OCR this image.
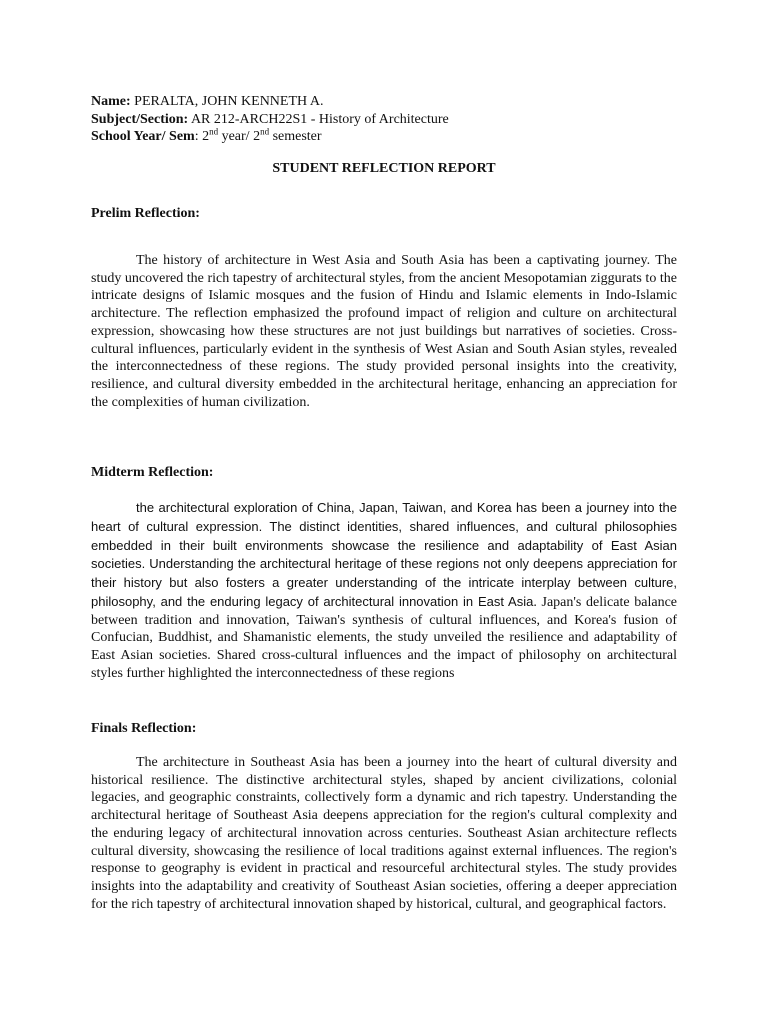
Name: PERALTA, JOHN KENNETH A.
Subject/Section: AR 212-ARCH22S1 - History of Architecture
School Year/ Sem: 2nd year/ 2nd semester
STUDENT REFLECTION REPORT
Prelim Reflection:

The history of architecture in West Asia and South Asia has been a captivating journey. The study uncovered the rich tapestry of architectural styles, from the ancient Mesopotamian ziggurats to the intricate designs of Islamic mosques and the fusion of Hindu and Islamic elements in Indo-Islamic architecture. The reflection emphasized the profound impact of religion and culture on architectural expression, showcasing how these structures are not just buildings but narratives of societies. Cross-cultural influences, particularly evident in the synthesis of West Asian and South Asian styles, revealed the interconnectedness of these regions. The study provided personal insights into the creativity, resilience, and cultural diversity embedded in the architectural heritage, enhancing an appreciation for the complexities of human civilization.

Midterm Reflection:

the architectural exploration of China, Japan, Taiwan, and Korea has been a journey into the heart of cultural expression. The distinct identities, shared influences, and cultural philosophies embedded in their built environments showcase the resilience and adaptability of East Asian societies. Understanding the architectural heritage of these regions not only deepens appreciation for their history but also fosters a greater understanding of the intricate interplay between culture, philosophy, and the enduring legacy of architectural innovation in East Asia. Japan's delicate balance between tradition and innovation, Taiwan's synthesis of cultural influences, and Korea's fusion of Confucian, Buddhist, and Shamanistic elements, the study unveiled the resilience and adaptability of East Asian societies. Shared cross-cultural influences and the impact of philosophy on architectural styles further highlighted the interconnectedness of these regions

Finals Reflection:

The architecture in Southeast Asia has been a journey into the heart of cultural diversity and historical resilience. The distinctive architectural styles, shaped by ancient civilizations, colonial legacies, and geographic constraints, collectively form a dynamic and rich tapestry. Understanding the architectural heritage of Southeast Asia deepens appreciation for the region's cultural complexity and the enduring legacy of architectural innovation across centuries. Southeast Asian architecture reflects cultural diversity, showcasing the resilience of local traditions against external influences. The region's response to geography is evident in practical and resourceful architectural styles. The study provides insights into the adaptability and creativity of Southeast Asian societies, offering a deeper appreciation for the rich tapestry of architectural innovation shaped by historical, cultural, and geographical factors.
